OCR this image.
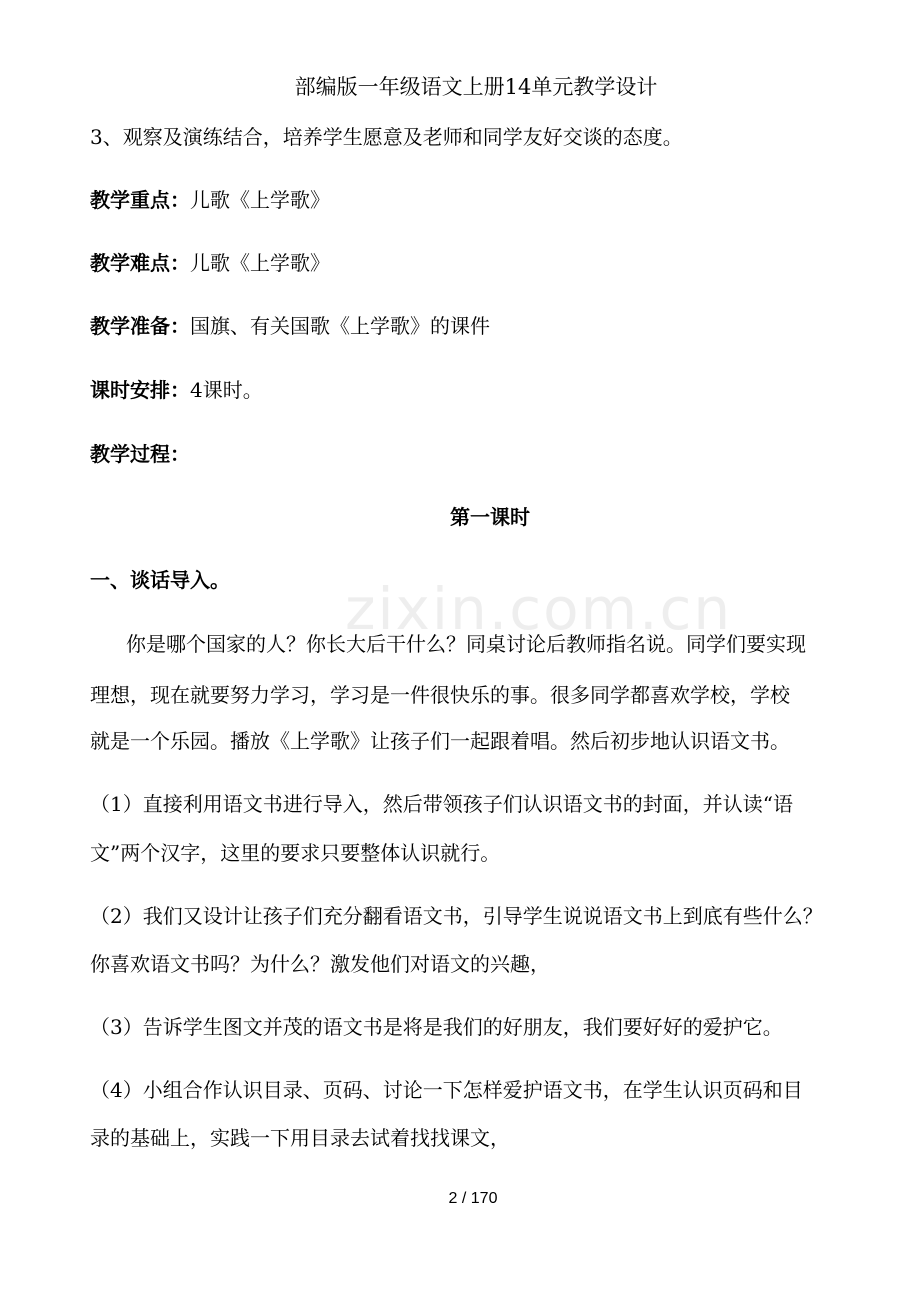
zixin.com.cn
部编版一年级语文上册14单元教学设计
3、观察及演练结合，培养学生愿意及老师和同学友好交谈的态度。
教学重点：儿歌《上学歌》
教学难点：儿歌《上学歌》
教学准备：国旗、有关国歌《上学歌》的课件
课时安排：4课时。
教学过程：
第一课时
一、谈话导入。
你是哪个国家的人？你长大后干什么？同桌讨论后教师指名说。同学们要实现
理想，现在就要努力学习，学习是一件很快乐的事。很多同学都喜欢学校，学校
就是一个乐园。播放《上学歌》让孩子们一起跟着唱。然后初步地认识语文书。
（1）直接利用语文书进行导入，然后带领孩子们认识语文书的封面，并认读“语
文”两个汉字，这里的要求只要整体认识就行。
（2）我们又设计让孩子们充分翻看语文书，引导学生说说语文书上到底有些什么？
你喜欢语文书吗？为什么？激发他们对语文的兴趣，
（3）告诉学生图文并茂的语文书是将是我们的好朋友，我们要好好的爱护它。
（4）小组合作认识目录、页码、讨论一下怎样爱护语文书，在学生认识页码和目
录的基础上，实践一下用目录去试着找找课文，
2 / 170
